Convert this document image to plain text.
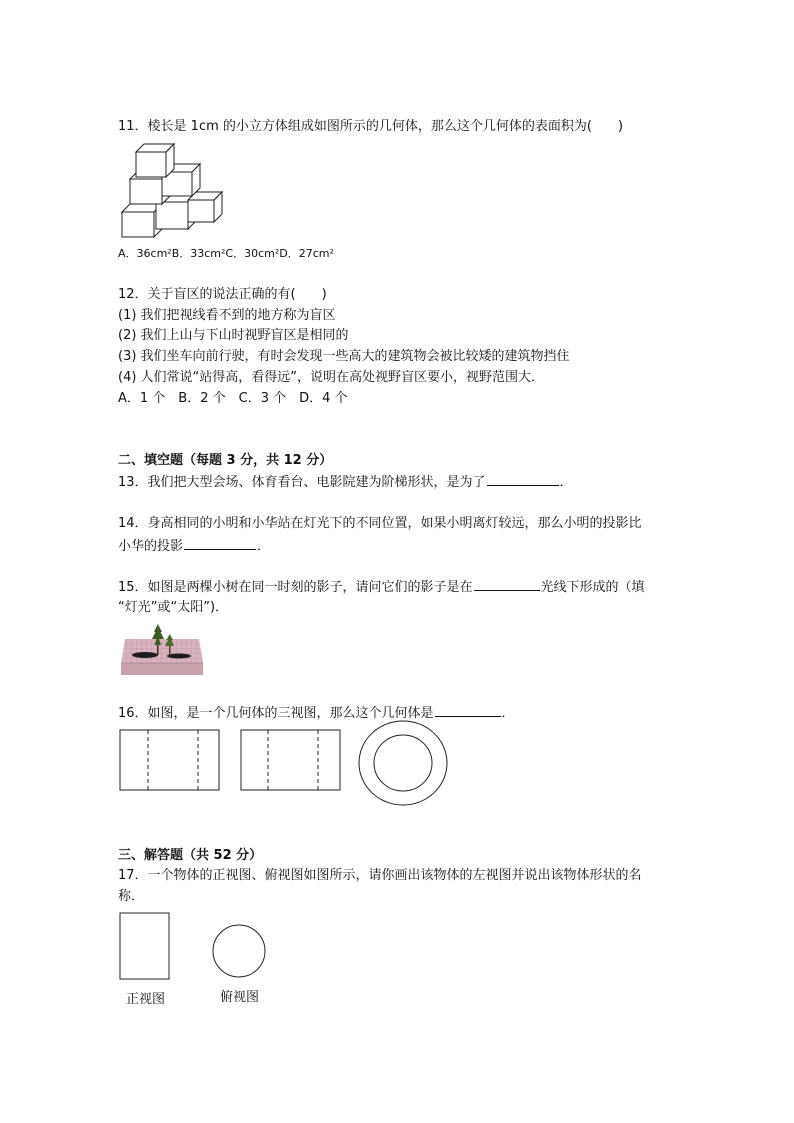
11．棱长是 1cm 的小立方体组成如图所示的几何体，那么这个几何体的表面积为(　　)
A．36cm²B．33cm²C．30cm²D．27cm²
12．关于盲区的说法正确的有(　　)
(1) 我们把视线看不到的地方称为盲区
(2) 我们上山与下山时视野盲区是相同的
(3) 我们坐车向前行驶，有时会发现一些高大的建筑物会被比较矮的建筑物挡住
(4) 人们常说“站得高，看得远”，说明在高处视野盲区要小，视野范围大．
A．1 个　B．2 个　C．3 个　D．4 个
二、填空题（每题 3 分，共 12 分）
13．我们把大型会场、体育看台、电影院建为阶梯形状，是为了	．
14．身高相同的小明和小华站在灯光下的不同位置，如果小明离灯较远，那么小明的投影比
小华的投影	．
15．如图是两棵小树在同一时刻的影子，请问它们的影子是在	光线下形成的（填
“灯光”或“太阳”)．
16．如图，是一个几何体的三视图，那么这个几何体是	．
三、解答题（共 52 分）
17．一个物体的正视图、俯视图如图所示，请你画出该物体的左视图并说出该物体形状的名
称．
正视图	俯视图
